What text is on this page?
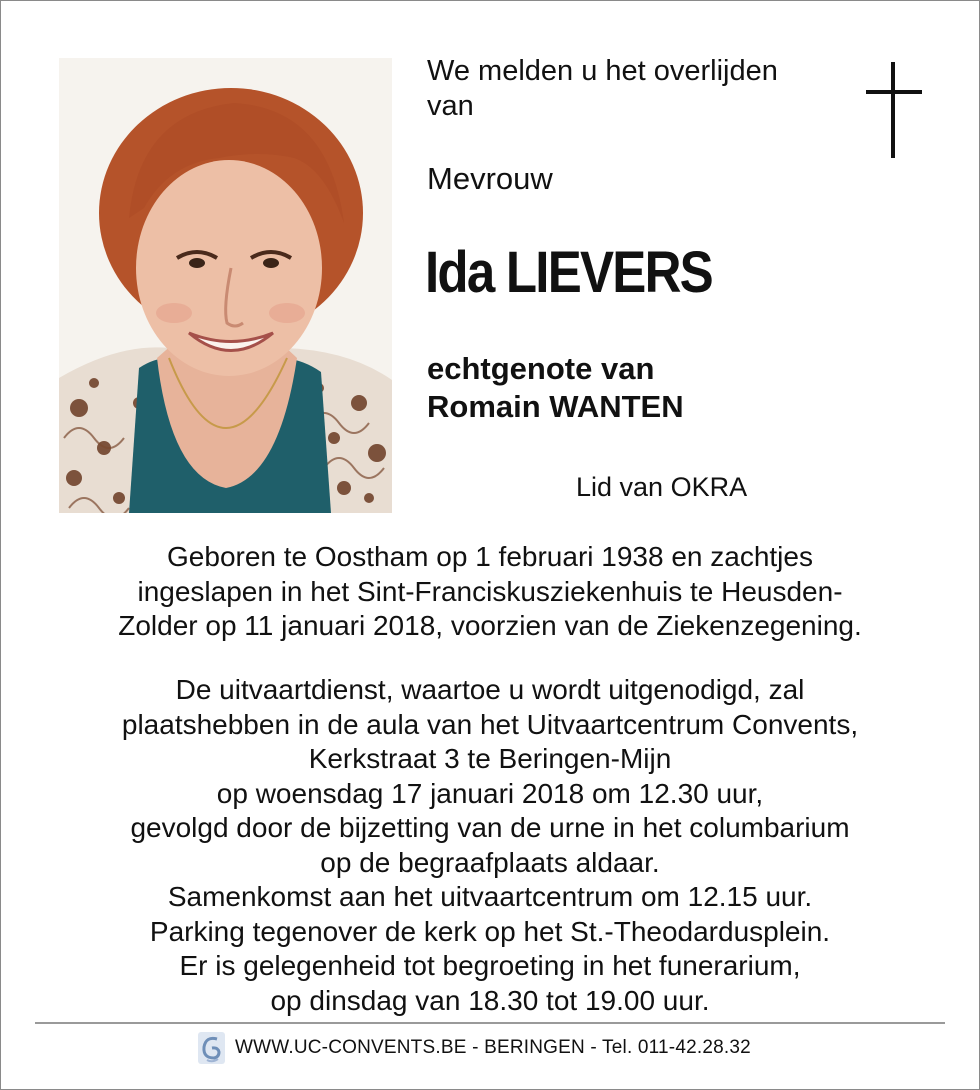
We melden u het overlijden
van
Mevrouw
Ida LIEVERS
echtgenote van
Romain WANTEN
Lid van OKRA
Geboren te Oostham op 1 februari 1938 en zachtjes
ingeslapen in het Sint-Franciskusziekenhuis te Heusden-
Zolder op 11 januari 2018, voorzien van de Ziekenzegening.
De uitvaartdienst, waartoe u wordt uitgenodigd, zal
plaatshebben in de aula van het Uitvaartcentrum Convents,
Kerkstraat 3 te Beringen-Mijn
op woensdag 17 januari 2018 om 12.30 uur,
gevolgd door de bijzetting van de urne in het columbarium
op de begraafplaats aldaar.
Samenkomst aan het uitvaartcentrum om 12.15 uur.
Parking tegenover de kerk op het St.-Theodardusplein.
Er is gelegenheid tot begroeting in het funerarium,
op dinsdag van 18.30 tot 19.00 uur.
WWW.UC-CONVENTS.BE - BERINGEN - Tel. 011-42.28.32
